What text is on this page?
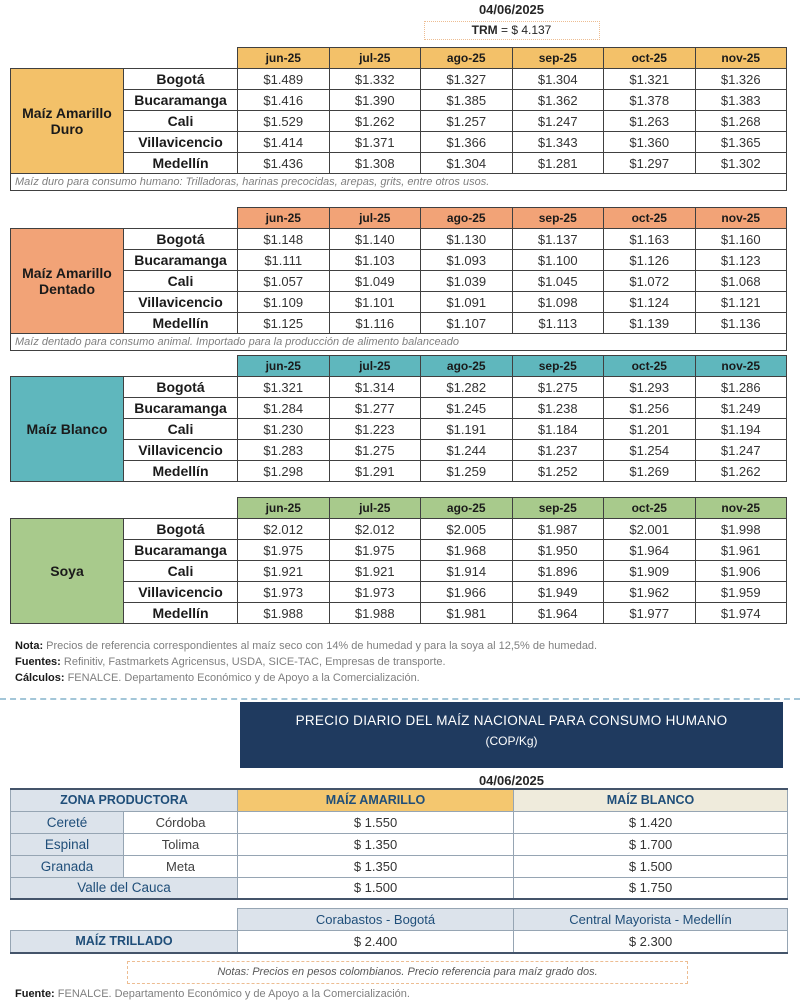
04/06/2025
TRM = $ 4.137
		jun-25	jul-25	ago-25	sep-25	oct-25	nov-25
Maíz Amarillo Duro	Bogotá	$1.489	$1.332	$1.327	$1.304	$1.321	$1.326
	Bucaramanga	$1.416	$1.390	$1.385	$1.362	$1.378	$1.383
	Cali	$1.529	$1.262	$1.257	$1.247	$1.263	$1.268
	Villavicencio	$1.414	$1.371	$1.366	$1.343	$1.360	$1.365
	Medellín	$1.436	$1.308	$1.304	$1.281	$1.297	$1.302
Maíz duro para consumo humano: Trilladoras, harinas precocidas, arepas, grits, entre otros usos.							
		jun-25	jul-25	ago-25	sep-25	oct-25	nov-25
Maíz Amarillo Dentado	Bogotá	$1.148	$1.140	$1.130	$1.137	$1.163	$1.160
	Bucaramanga	$1.111	$1.103	$1.093	$1.100	$1.126	$1.123
	Cali	$1.057	$1.049	$1.039	$1.045	$1.072	$1.068
	Villavicencio	$1.109	$1.101	$1.091	$1.098	$1.124	$1.121
	Medellín	$1.125	$1.116	$1.107	$1.113	$1.139	$1.136
Maíz dentado para consumo animal. Importado para la producción de alimento balanceado							
		jun-25	jul-25	ago-25	sep-25	oct-25	nov-25
Maíz Blanco	Bogotá	$1.321	$1.314	$1.282	$1.275	$1.293	$1.286
	Bucaramanga	$1.284	$1.277	$1.245	$1.238	$1.256	$1.249
	Cali	$1.230	$1.223	$1.191	$1.184	$1.201	$1.194
	Villavicencio	$1.283	$1.275	$1.244	$1.237	$1.254	$1.247
	Medellín	$1.298	$1.291	$1.259	$1.252	$1.269	$1.262
		jun-25	jul-25	ago-25	sep-25	oct-25	nov-25
Soya	Bogotá	$2.012	$2.012	$2.005	$1.987	$2.001	$1.998
	Bucaramanga	$1.975	$1.975	$1.968	$1.950	$1.964	$1.961
	Cali	$1.921	$1.921	$1.914	$1.896	$1.909	$1.906
	Villavicencio	$1.973	$1.973	$1.966	$1.949	$1.962	$1.959
	Medellín	$1.988	$1.988	$1.981	$1.964	$1.977	$1.974
Nota: Precios de referencia correspondientes al maíz seco con 14% de humedad y para la soya al 12,5% de humedad.
Fuentes: Refinitiv, Fastmarkets Agricensus, USDA, SICE-TAC, Empresas de transporte.
Cálculos: FENALCE. Departamento Económico y de Apoyo a la Comercialización.
PRECIO DIARIO DEL MAÍZ NACIONAL PARA CONSUMO HUMANO
(COP/Kg)
04/06/2025
ZONA PRODUCTORA		MAÍZ AMARILLO	MAÍZ BLANCO
Cereté	Córdoba	$ 1.550	$ 1.420
Espinal	Tolima	$ 1.350	$ 1.700
Granada	Meta	$ 1.350	$ 1.500
Valle del Cauca		$ 1.500	$ 1.750
	Corabastos - Bogotá	Central Mayorista - Medellín
MAÍZ TRILLADO	$ 2.400	$ 2.300
Notas: Precios en pesos colombianos. Precio referencia para maíz grado dos.
Fuente: FENALCE. Departamento Económico y de Apoyo a la Comercialización.
